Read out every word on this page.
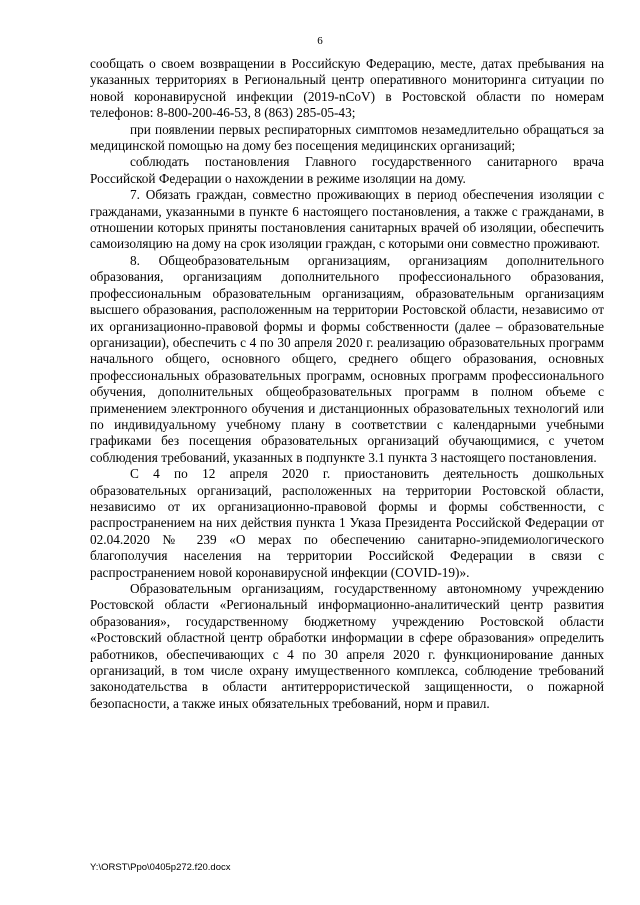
6

сообщать о своем возвращении в Российскую Федерацию, месте, датах пребывания на указанных территориях в Региональный центр оперативного мониторинга ситуации по новой коронавирусной инфекции (2019-nCoV) в Ростовской области по номерам телефонов: 8-800-200-46-53, 8 (863) 285-05-43;

при появлении первых респираторных симптомов незамедлительно обращаться за медицинской помощью на дому без посещения медицинских организаций;

соблюдать постановления Главного государственного санитарного врача Российской Федерации о нахождении в режиме изоляции на дому.

7. Обязать граждан, совместно проживающих в период обеспечения изоляции с гражданами, указанными в пункте 6 настоящего постановления, а также с гражданами, в отношении которых приняты постановления санитарных врачей об изоляции, обеспечить самоизоляцию на дому на срок изоляции граждан, с которыми они совместно проживают.

8. Общеобразовательным организациям, организациям дополнительного образования, организациям дополнительного профессионального образования, профессиональным образовательным организациям, образовательным организациям высшего образования, расположенным на территории Ростовской области, независимо от их организационно-правовой формы и формы собственности (далее – образовательные организации), обеспечить с 4 по 30 апреля 2020 г. реализацию образовательных программ начального общего, основного общего, среднего общего образования, основных профессиональных образовательных программ, основных программ профессионального обучения, дополнительных общеобразовательных программ в полном объеме с применением электронного обучения и дистанционных образовательных технологий или по индивидуальному учебному плану в соответствии с календарными учебными графиками без посещения образовательных организаций обучающимися, с учетом соблюдения требований, указанных в подпункте 3.1 пункта 3 настоящего постановления.

С 4 по 12 апреля 2020 г. приостановить деятельность дошкольных образовательных организаций, расположенных на территории Ростовской области, независимо от их организационно-правовой формы и формы собственности, с распространением на них действия пункта 1 Указа Президента Российской Федерации от 02.04.2020 № 239 «О мерах по обеспечению санитарно-эпидемиологического благополучия населения на территории Российской Федерации в связи с распространением новой коронавирусной инфекции (COVID-19)».

Образовательным организациям, государственному автономному учреждению Ростовской области «Региональный информационно-аналитический центр развития образования», государственному бюджетному учреждению Ростовской области «Ростовский областной центр обработки информации в сфере образования» определить работников, обеспечивающих с 4 по 30 апреля 2020 г. функционирование данных организаций, в том числе охрану имущественного комплекса, соблюдение требований законодательства в области антитеррористической защищенности, о пожарной безопасности, а также иных обязательных требований, норм и правил.

Y:\ORST\Ppo\0405p272.f20.docx
